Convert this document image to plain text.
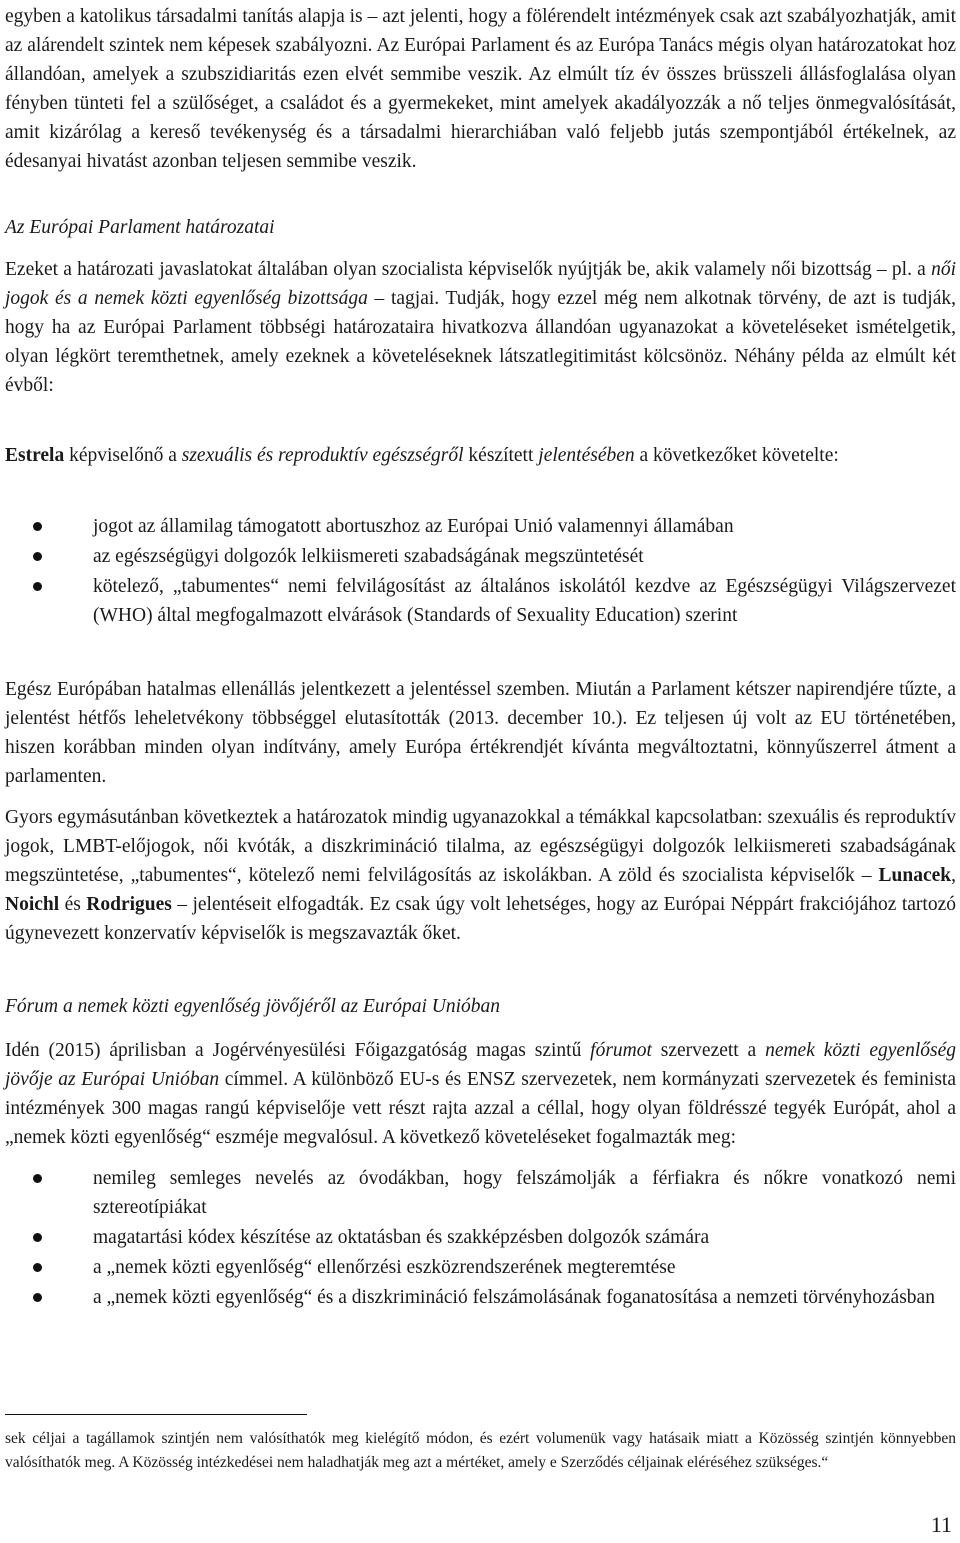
egyben a katolikus társadalmi tanítás alapja is – azt jelenti, hogy a fölérendelt intézmények csak azt szabályozhatják, amit az alárendelt szintek nem képesek szabályozni. Az Európai Parlament és az Európa Tanács mégis olyan határozatokat hoz állandóan, amelyek a szubszidiaritás ezen elvét semmibe veszik. Az elmúlt tíz év összes brüsszeli állásfoglalása olyan fényben tünteti fel a szülőséget, a családot és a gyermekeket, mint amelyek akadályozzák a nő teljes önmegvalósítását, amit kizárólag a kereső tevékenység és a társadalmi hierarchiában való feljebb jutás szempontjából értékelnek, az édesanyai hivatást azonban teljesen semmibe veszik.

Az Európai Parlament határozatai

Ezeket a határozati javaslatokat általában olyan szocialista képviselők nyújtják be, akik valamely női bizottság – pl. a női jogok és a nemek közti egyenlőség bizottsága – tagjai. Tudják, hogy ezzel még nem alkotnak törvény, de azt is tudják, hogy ha az Európai Parlament többségi határozataira hivatkozva állandóan ugyanazokat a követeléseket ismételgetik, olyan légkört teremthetnek, amely ezeknek a követeléseknek látszatlegitimitást kölcsönöz. Néhány példa az elmúlt két évből:

Estrela képviselőnő a szexuális és reproduktív egészségről készített jelentésében a következőket követelte:

jogot az államilag támogatott abortuszhoz az Európai Unió valamennyi államában
az egészségügyi dolgozók lelkiismereti szabadságának megszüntetését
kötelező, „tabumentes“ nemi felvilágosítást az általános iskolától kezdve az Egészségügyi Világszervezet (WHO) által megfogalmazott elvárások (Standards of Sexuality Education) szerint

Egész Európában hatalmas ellenállás jelentkezett a jelentéssel szemben. Miután a Parlament kétszer napirendjére tűzte, a jelentést hétfős leheletvékony többséggel elutasították (2013. december 10.). Ez teljesen új volt az EU történetében, hiszen korábban minden olyan indítvány, amely Európa értékrendjét kívánta megváltoztatni, könnyűszerrel átment a parlamenten.

Gyors egymásutánban következtek a határozatok mindig ugyanazokkal a témákkal kapcsolatban: szexuális és reproduktív jogok, LMBT-előjogok, női kvóták, a diszkrimináció tilalma, az egészségügyi dolgozók lelkiismereti szabadságának megszüntetése, „tabumentes“, kötelező nemi felvilágosítás az iskolákban. A zöld és szocialista képviselők – Lunacek, Noichl és Rodrigues – jelentéseit elfogadták. Ez csak úgy volt lehetséges, hogy az Európai Néppárt frakciójához tartozó úgynevezett konzervatív képviselők is megszavazták őket.

Fórum a nemek közti egyenlőség jövőjéről az Európai Unióban

Idén (2015) áprilisban a Jogérvényesülési Főigazgatóság magas szintű fórumot szervezett a nemek közti egyenlőség jövője az Európai Unióban címmel. A különböző EU-s és ENSZ szervezetek, nem kormányzati szervezetek és feminista intézmények 300 magas rangú képviselője vett részt rajta azzal a céllal, hogy olyan földrésszé tegyék Európát, ahol a „nemek közti egyenlőség“ eszméje megvalósul. A következő követeléseket fogalmazták meg:

nemileg semleges nevelés az óvodákban, hogy felszámolják a férfiakra és nőkre vonatkozó nemi sztereotípiákat
magatartási kódex készítése az oktatásban és szakképzésben dolgozók számára
a „nemek közti egyenlőség“ ellenőrzési eszközrendszerének megteremtése
a „nemek közti egyenlőség“ és a diszkrimináció felszámolásának foganatosítása a nemzeti törvényhozásban

sek céljai a tagállamok szintjén nem valósíthatók meg kielégítő módon, és ezért volumenük vagy hatásaik miatt a Közösség szintjén könnyebben valósíthatók meg. A Közösség intézkedései nem haladhatják meg azt a mértéket, amely e Szerződés céljainak eléréséhez szükséges.“

11
